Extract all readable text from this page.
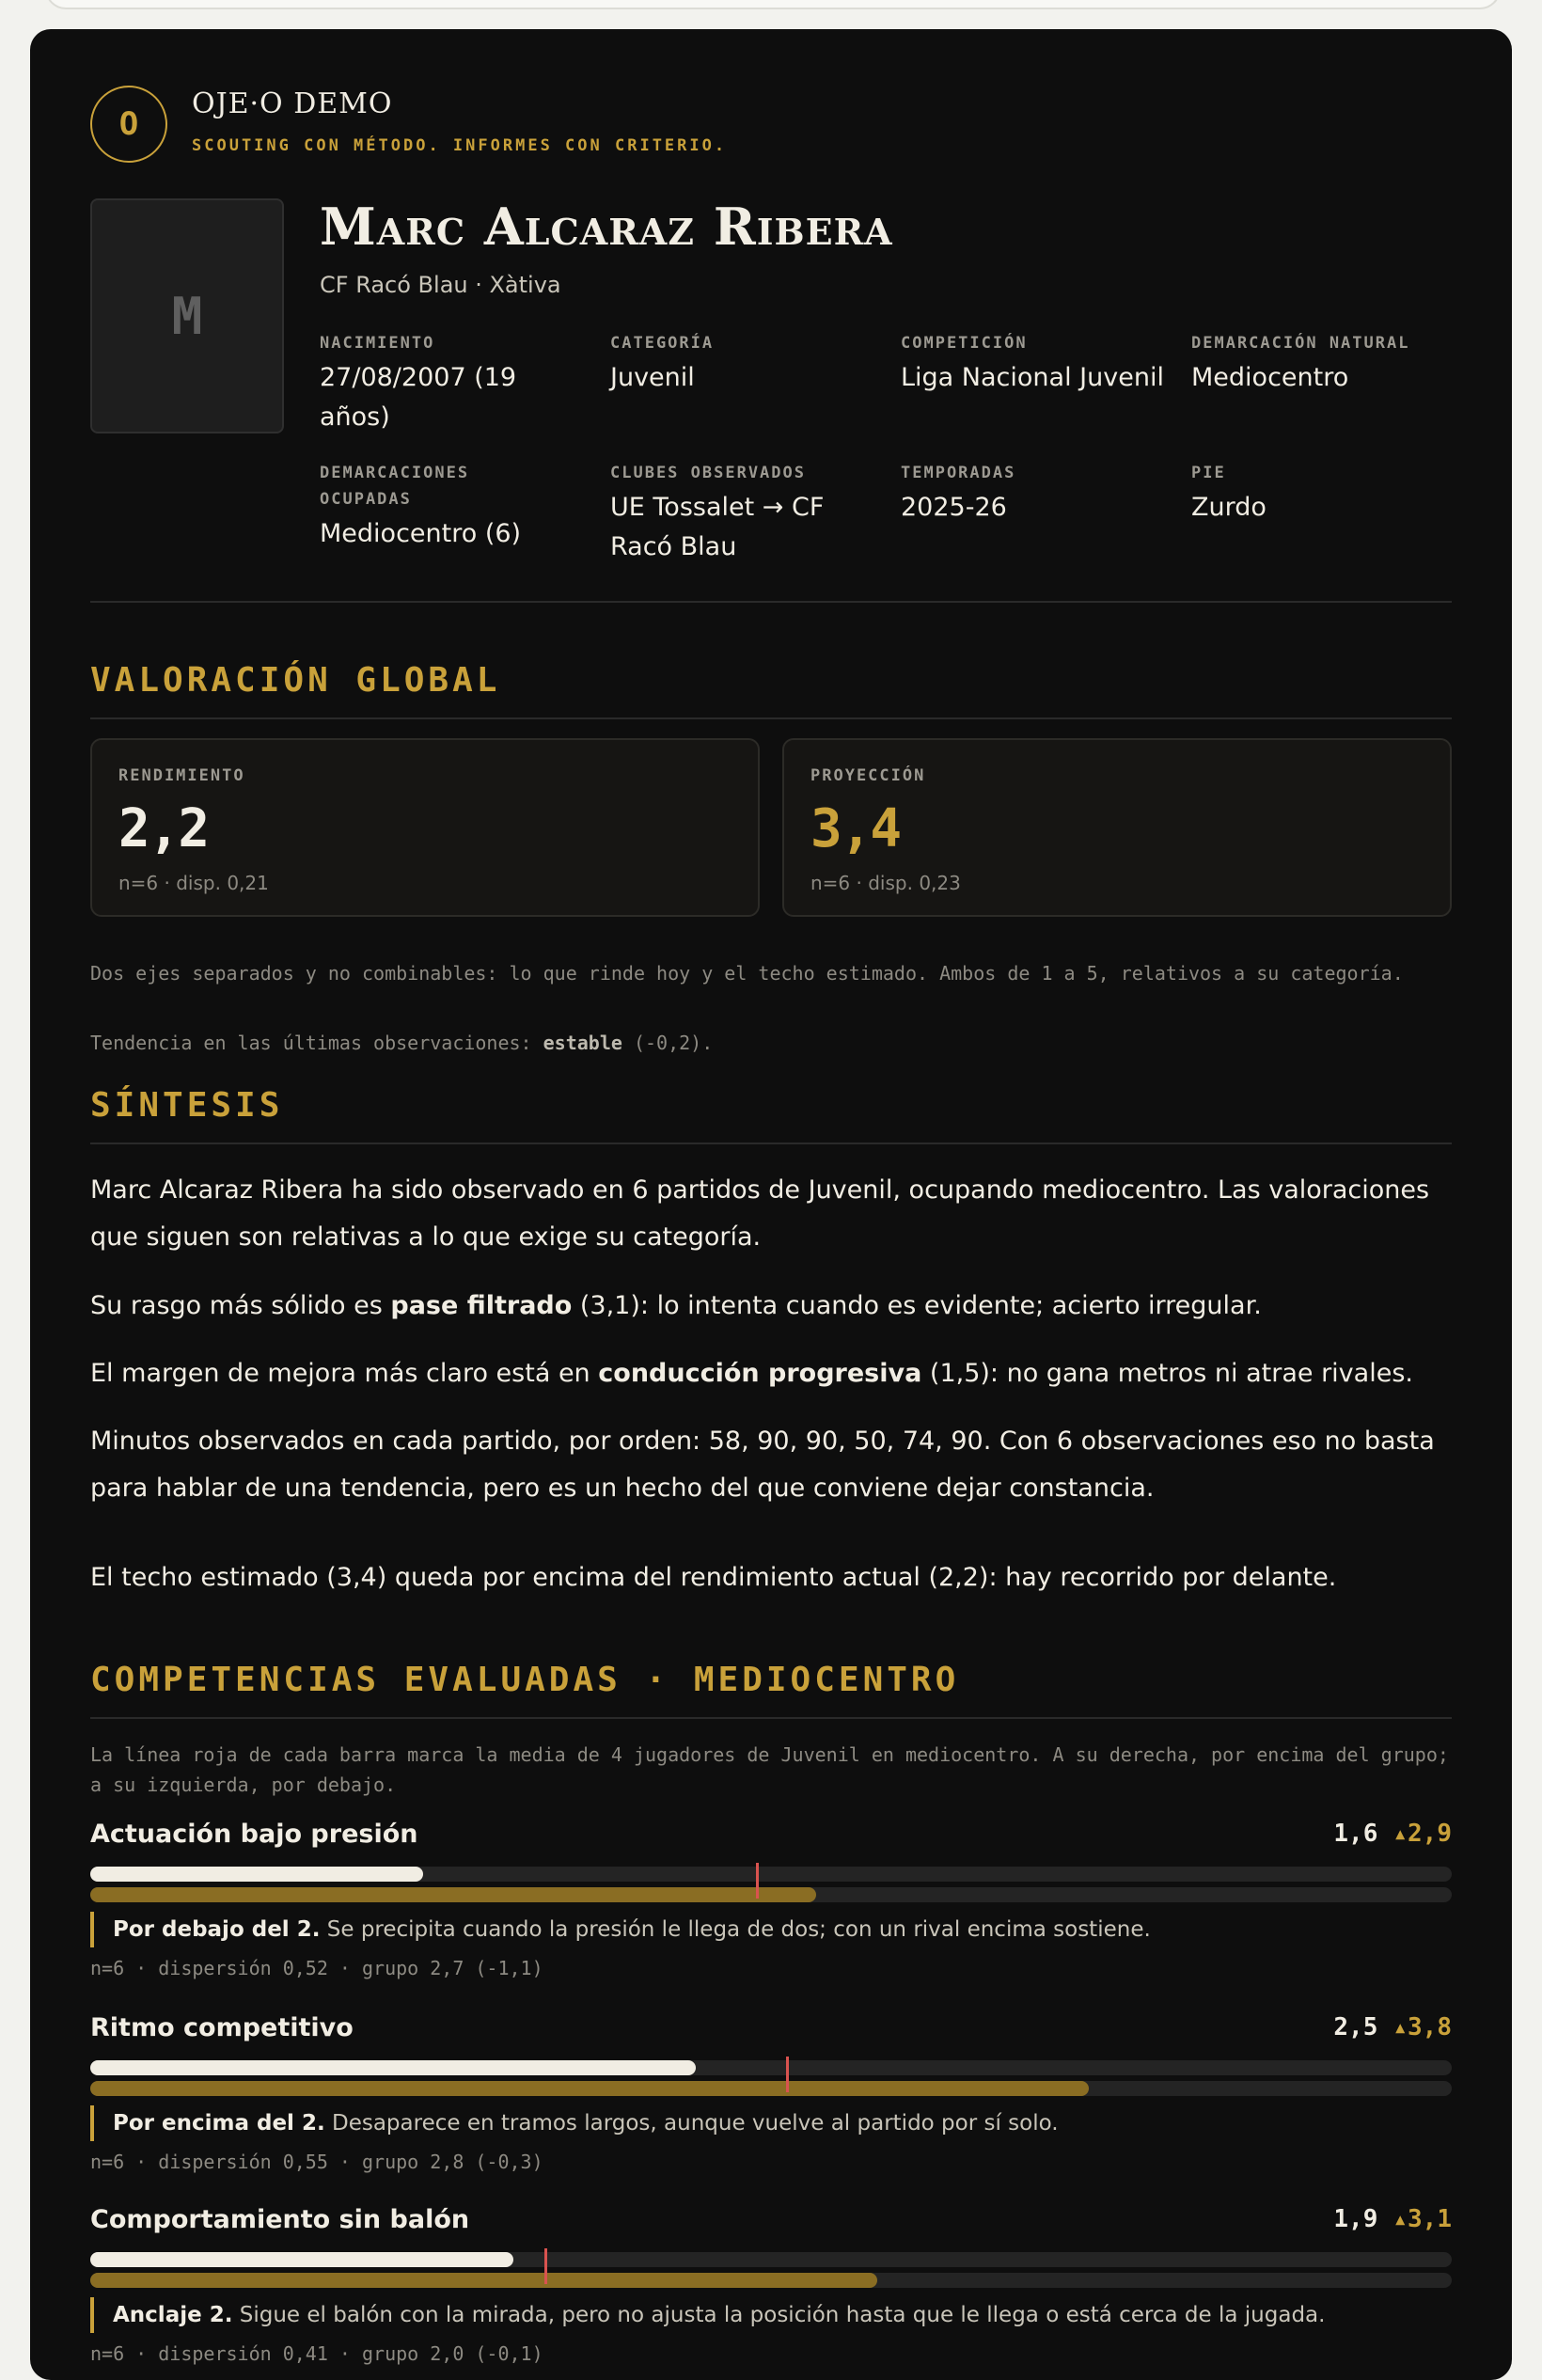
O
OJE·O DEMO
SCOUTING CON MÉTODO. INFORMES CON CRITERIO.
M
Marc Alcaraz Ribera
CF Racó Blau · Xàtiva
NACIMIENTO
27/08/2007 (19 años)
CATEGORÍA
Juvenil
COMPETICIÓN
Liga Nacional Juvenil
DEMARCACIÓN NATURAL
Mediocentro
DEMARCACIONES OCUPADAS
Mediocentro (6)
CLUBES OBSERVADOS
UE Tossalet → CF Racó Blau
TEMPORADAS
2025-26
PIE
Zurdo
VALORACIÓN GLOBAL
RENDIMIENTO
2,2
n=6 · disp. 0,21
PROYECCIÓN
3,4
n=6 · disp. 0,23
Dos ejes separados y no combinables: lo que rinde hoy y el techo estimado. Ambos de 1 a 5, relativos a su categoría.
Tendencia en las últimas observaciones: estable (-0,2).
SÍNTESIS
Marc Alcaraz Ribera ha sido observado en 6 partidos de Juvenil, ocupando mediocentro. Las valoraciones que siguen son relativas a lo que exige su categoría.
Su rasgo más sólido es pase filtrado (3,1): lo intenta cuando es evidente; acierto irregular.
El margen de mejora más claro está en conducción progresiva (1,5): no gana metros ni atrae rivales.
Minutos observados en cada partido, por orden: 58, 90, 90, 50, 74, 90. Con 6 observaciones eso no basta para hablar de una tendencia, pero es un hecho del que conviene dejar constancia.
El techo estimado (3,4) queda por encima del rendimiento actual (2,2): hay recorrido por delante.
COMPETENCIAS EVALUADAS · MEDIOCENTRO
La línea roja de cada barra marca la media de 4 jugadores de Juvenil en mediocentro. A su derecha, por encima del grupo; a su izquierda, por debajo.
Actuación bajo presión	1,6 ▴2,9
Por debajo del 2. Se precipita cuando la presión le llega de dos; con un rival encima sostiene.
n=6 · dispersión 0,52 · grupo 2,7 (-1,1)
Ritmo competitivo	2,5 ▴3,8
Por encima del 2. Desaparece en tramos largos, aunque vuelve al partido por sí solo.
n=6 · dispersión 0,55 · grupo 2,8 (-0,3)
Comportamiento sin balón	1,9 ▴3,1
Anclaje 2. Sigue el balón con la mirada, pero no ajusta la posición hasta que le llega o está cerca de la jugada.
n=6 · dispersión 0,41 · grupo 2,0 (-0,1)
